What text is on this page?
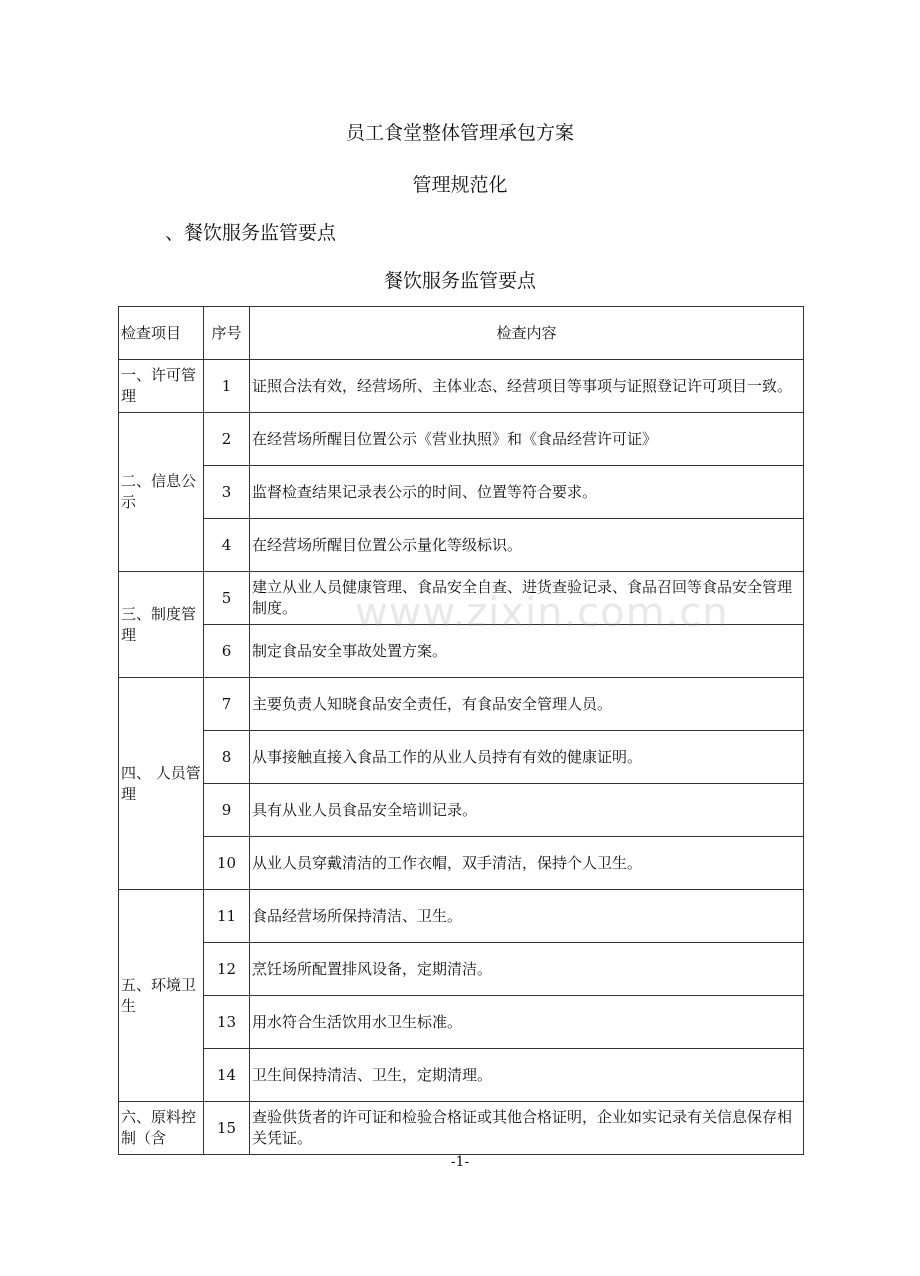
员工食堂整体管理承包方案
管理规范化
、餐饮服务监管要点
餐饮服务监管要点
检查项目	序号	检查内容
一、许可管理	1	证照合法有效，经营场所、主体业态、经营项目等事项与证照登记许可项目一致。
二、信息公示	2	在经营场所醒目位置公示《营业执照》和《食品经营许可证》
	3	监督检查结果记录表公示的时间、位置等符合要求。
	4	在经营场所醒目位置公示量化等级标识。
三、制度管理	5	建立从业人员健康管理、食品安全自查、进货查验记录、食品召回等食品安全管理制度。
	6	制定食品安全事故处置方案。
四、 人员管理	7	主要负责人知晓食品安全责任，有食品安全管理人员。
	8	从事接触直接入食品工作的从业人员持有有效的健康证明。
	9	具有从业人员食品安全培训记录。
	10	从业人员穿戴清洁的工作衣帽，双手清洁，保持个人卫生。
五、环境卫生	11	食品经营场所保持清洁、卫生。
	12	烹饪场所配置排风设备，定期清洁。
	13	用水符合生活饮用水卫生标准。
	14	卫生间保持清洁、卫生，定期清理。
六、原料控制（含	15	查验供货者的许可证和检验合格证或其他合格证明，企业如实记录有关信息保存相关凭证。
www.zixin.com.cn
-1-
